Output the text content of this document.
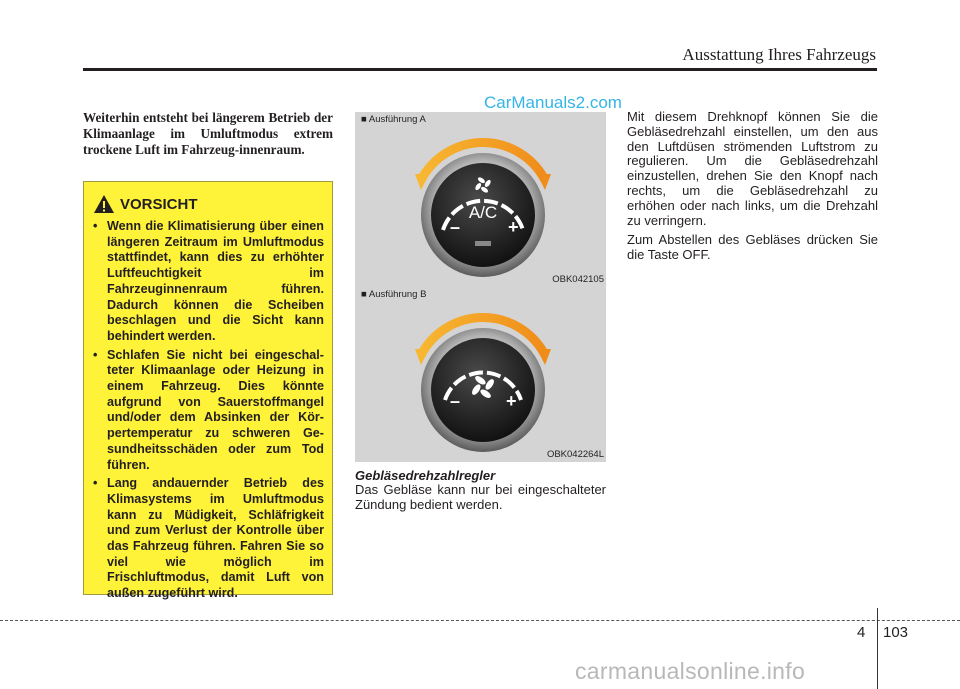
Ausstattung Ihres Fahrzeugs
CarManuals2.com
Weiterhin entsteht bei längerem Betrieb der Klimaanlage im Umluftmodus extrem trockene Luft im Fahrzeug-innenraum.
VORSICHT
• Wenn die Klimatisierung über einen längeren Zeitraum im Umluftmodus stattfindet, kann dies zu erhöhter Luftfeuchtigkeit im Fahrzeuginnenraum führen. Dadurch können die Scheiben beschlagen und die Sicht kann behindert werden.
• Schlafen Sie nicht bei eingeschal-teter Klimaanlage oder Heizung in einem Fahrzeug. Dies könnte aufgrund von Sauerstoffmangel und/oder dem Absinken der Kör-pertemperatur zu schweren Ge-sundheitsschäden oder zum Tod führen.
• Lang andauernder Betrieb des Klimasystems im Umluftmodus kann zu Müdigkeit, Schläfrigkeit und zum Verlust der Kontrolle über das Fahrzeug führen. Fahren Sie so viel wie möglich im Frischluftmodus, damit Luft von außen zugeführt wird.
■ Ausführung A
A/C
–	+
OBK042105
■ Ausführung B
–	+
OBK042264L
Gebläsedrehzahlregler
Das Gebläse kann nur bei eingeschalteter Zündung bedient werden.

Mit diesem Drehknopf können Sie die Gebläsedrehzahl einstellen, um den aus den Luftdüsen strömenden Luftstrom zu regulieren. Um die Gebläsedrehzahl einzustellen, drehen Sie den Knopf nach rechts, um die Gebläsedrehzahl zu erhöhen oder nach links, um die Drehzahl zu verringern.

Zum Abstellen des Gebläses drücken Sie die Taste OFF.

4 103
carmanualsonline.info
